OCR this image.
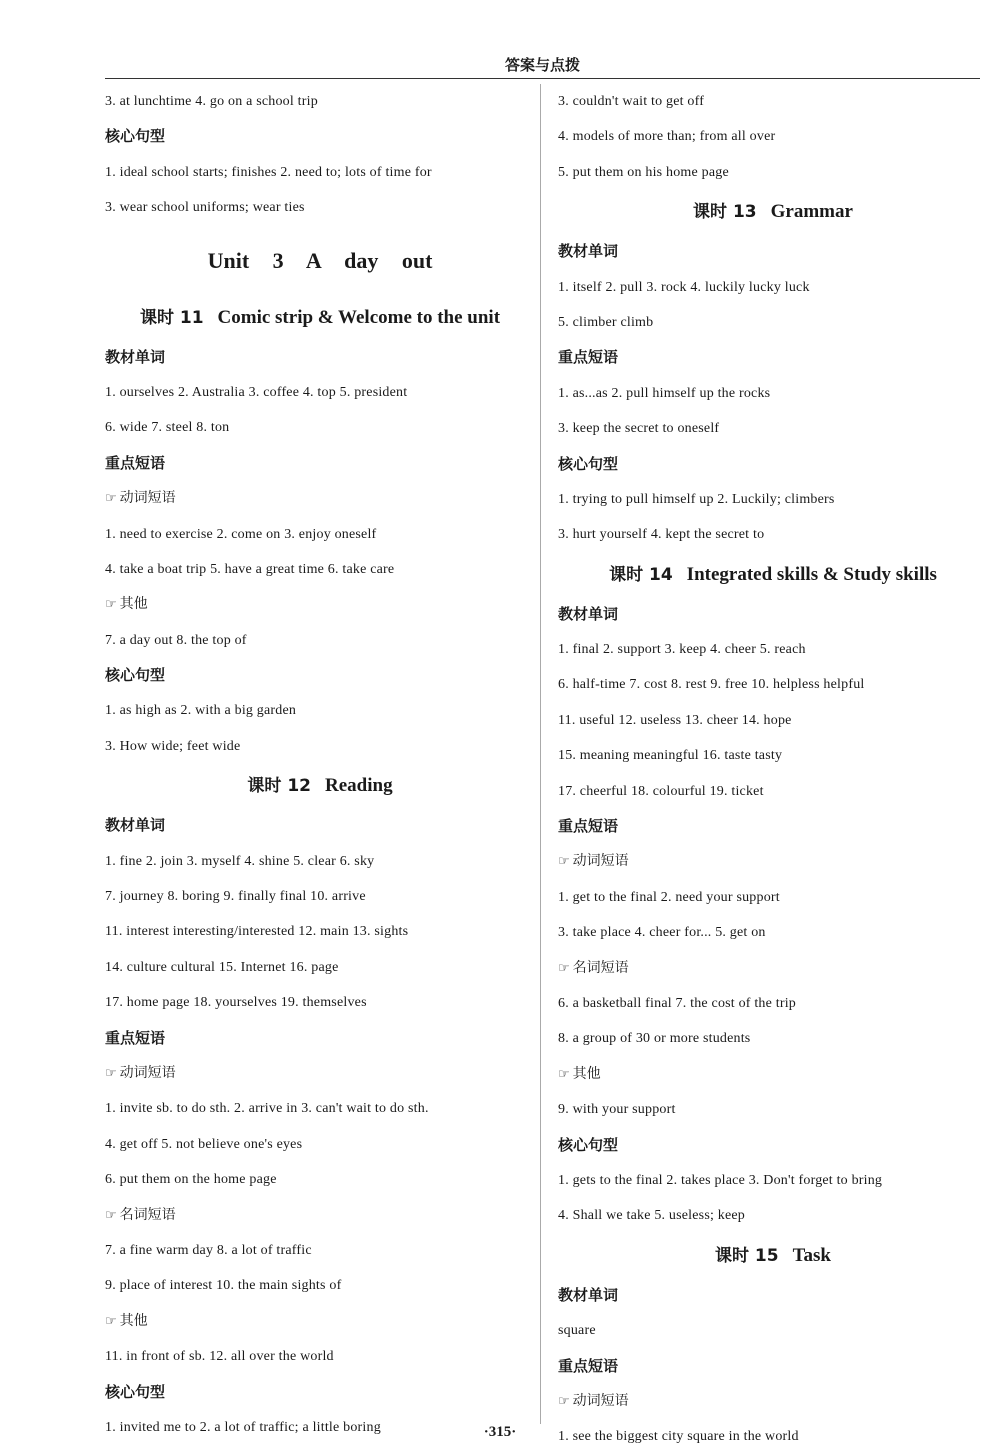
答案与点拨
3. at lunchtime 4. go on a school trip
核心句型
1. ideal school starts; finishes 2. need to; lots of time for
3. wear school uniforms; wear ties
Unit 3 A day out
课时 11 Comic strip & Welcome to the unit
教材单词
1. ourselves 2. Australia 3. coffee 4. top 5. president
6. wide 7. steel 8. ton
重点短语
☞ 动词短语
1. need to exercise 2. come on 3. enjoy oneself
4. take a boat trip 5. have a great time 6. take care
☞ 其他
7. a day out 8. the top of
核心句型
1. as high as 2. with a big garden
3. How wide; feet wide
课时 12 Reading
教材单词
1. fine 2. join 3. myself 4. shine 5. clear 6. sky
7. journey 8. boring 9. finally final 10. arrive
11. interest interesting/interested 12. main 13. sights
14. culture cultural 15. Internet 16. page
17. home page 18. yourselves 19. themselves
重点短语
☞ 动词短语
1. invite sb. to do sth. 2. arrive in 3. can't wait to do sth.
4. get off 5. not believe one's eyes
6. put them on the home page
☞ 名词短语
7. a fine warm day 8. a lot of traffic
9. place of interest 10. the main sights of
☞ 其他
11. in front of sb. 12. all over the world
核心句型
1. invited me to 2. a lot of traffic; a little boring
3. couldn't wait to get off
4. models of more than; from all over
5. put them on his home page
课时 13 Grammar
教材单词
1. itself 2. pull 3. rock 4. luckily lucky luck
5. climber climb
重点短语
1. as...as 2. pull himself up the rocks
3. keep the secret to oneself
核心句型
1. trying to pull himself up 2. Luckily; climbers
3. hurt yourself 4. kept the secret to
课时 14 Integrated skills & Study skills
教材单词
1. final 2. support 3. keep 4. cheer 5. reach
6. half-time 7. cost 8. rest 9. free 10. helpless helpful
11. useful 12. useless 13. cheer 14. hope
15. meaning meaningful 16. taste tasty
17. cheerful 18. colourful 19. ticket
重点短语
☞ 动词短语
1. get to the final 2. need your support
3. take place 4. cheer for... 5. get on
☞ 名词短语
6. a basketball final 7. the cost of the trip
8. a group of 30 or more students
☞ 其他
9. with your support
核心句型
1. gets to the final 2. takes place 3. Don't forget to bring
4. Shall we take 5. useless; keep
课时 15 Task
教材单词
square
重点短语
☞ 动词短语
1. see the biggest city square in the world
·315·
